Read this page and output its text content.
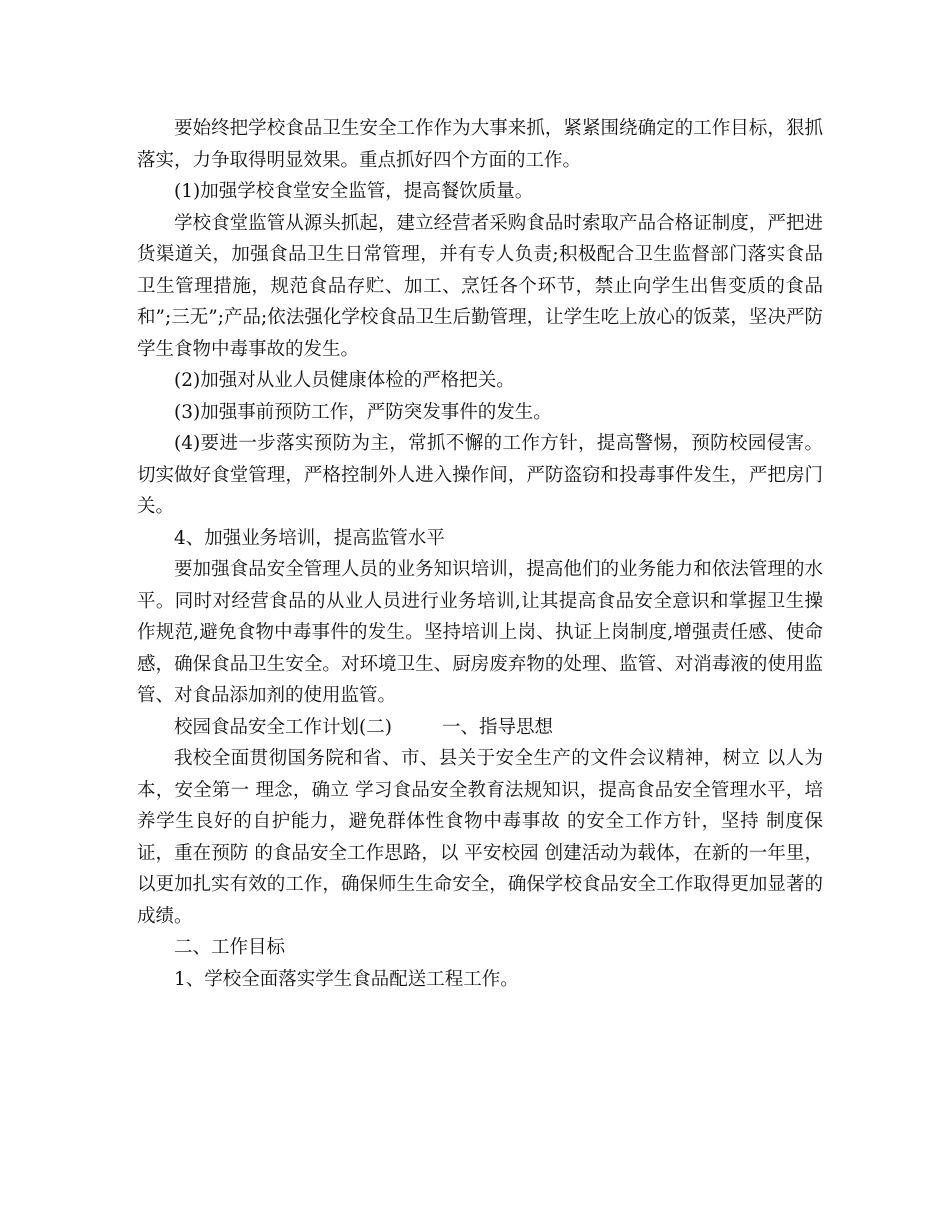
要始终把学校食品卫生安全工作作为大事来抓，紧紧围绕确定的工作目标，狠抓落实，力争取得明显效果。重点抓好四个方面的工作。

(1)加强学校食堂安全监管，提高餐饮质量。

学校食堂监管从源头抓起，建立经营者采购食品时索取产品合格证制度，严把进货渠道关，加强食品卫生日常管理，并有专人负责;积极配合卫生监督部门落实食品卫生管理措施，规范食品存贮、加工、烹饪各个环节，禁止向学生出售变质的食品和”;三无”;产品;依法强化学校食品卫生后勤管理，让学生吃上放心的饭菜，坚决严防学生食物中毒事故的发生。

(2)加强对从业人员健康体检的严格把关。

(3)加强事前预防工作，严防突发事件的发生。

(4)要进一步落实预防为主，常抓不懈的工作方针，提高警惕，预防校园侵害。切实做好食堂管理，严格控制外人进入操作间，严防盗窃和投毒事件发生，严把房门关。

4、加强业务培训，提高监管水平

要加强食品安全管理人员的业务知识培训，提高他们的业务能力和依法管理的水平。同时对经营食品的从业人员进行业务培训,让其提高食品安全意识和掌握卫生操作规范,避免食物中毒事件的发生。坚持培训上岗、执证上岗制度,增强责任感、使命感，确保食品卫生安全。对环境卫生、厨房废弃物的处理、监管、对消毒液的使用监管、对食品添加剂的使用监管。

校园食品安全工作计划(二)	一、指导思想

我校全面贯彻国务院和省、市、县关于安全生产的文件会议精神，树立 以人为本，安全第一 理念，确立 学习食品安全教育法规知识，提高食品安全管理水平，培养学生良好的自护能力，避免群体性食物中毒事故 的安全工作方针，坚持 制度保证，重在预防 的食品安全工作思路，以 平安校园 创建活动为载体，在新的一年里，以更加扎实有效的工作，确保师生生命安全，确保学校食品安全工作取得更加显著的成绩。

二、工作目标

1、学校全面落实学生食品配送工程工作。
